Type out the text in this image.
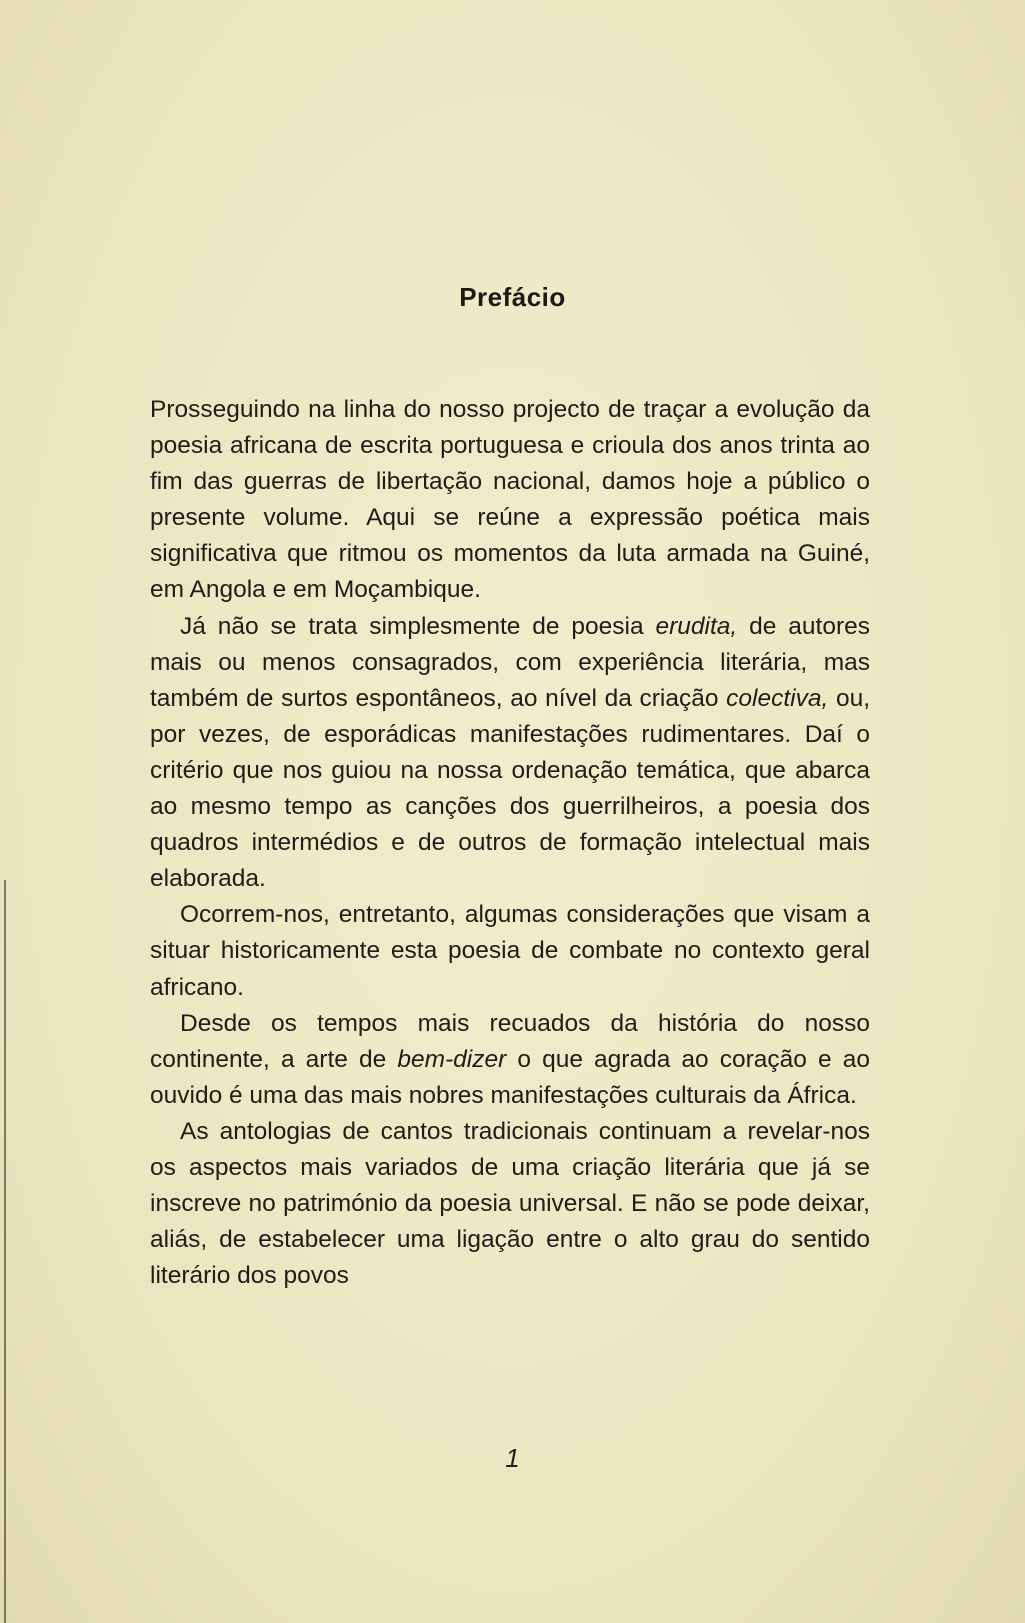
Prefácio

Prosseguindo na linha do nosso projecto de traçar a evolução da poesia africana de escrita portuguesa e crioula dos anos trinta ao fim das guerras de libertação nacional, damos hoje a público o presente volume. Aqui se reúne a expressão poética mais significativa que ritmou os momentos da luta armada na Guiné, em Angola e em Moçambique.

Já não se trata simplesmente de poesia erudita, de autores mais ou menos consagrados, com experiência literária, mas também de surtos espontâneos, ao nível da criação colectiva, ou, por vezes, de esporádicas manifestações rudimentares. Daí o critério que nos guiou na nossa ordenação temática, que abarca ao mesmo tempo as canções dos guerrilheiros, a poesia dos quadros intermédios e de outros de formação intelectual mais elaborada.

Ocorrem-nos, entretanto, algumas considerações que visam a situar historicamente esta poesia de combate no contexto geral africano.

Desde os tempos mais recuados da história do nosso continente, a arte de bem-dizer o que agrada ao coração e ao ouvido é uma das mais nobres manifestações culturais da África.

As antologias de cantos tradicionais continuam a revelar-nos os aspectos mais variados de uma criação literária que já se inscreve no património da poesia universal. E não se pode deixar, aliás, de estabelecer uma ligação entre o alto grau do sentido literário dos povos

1
